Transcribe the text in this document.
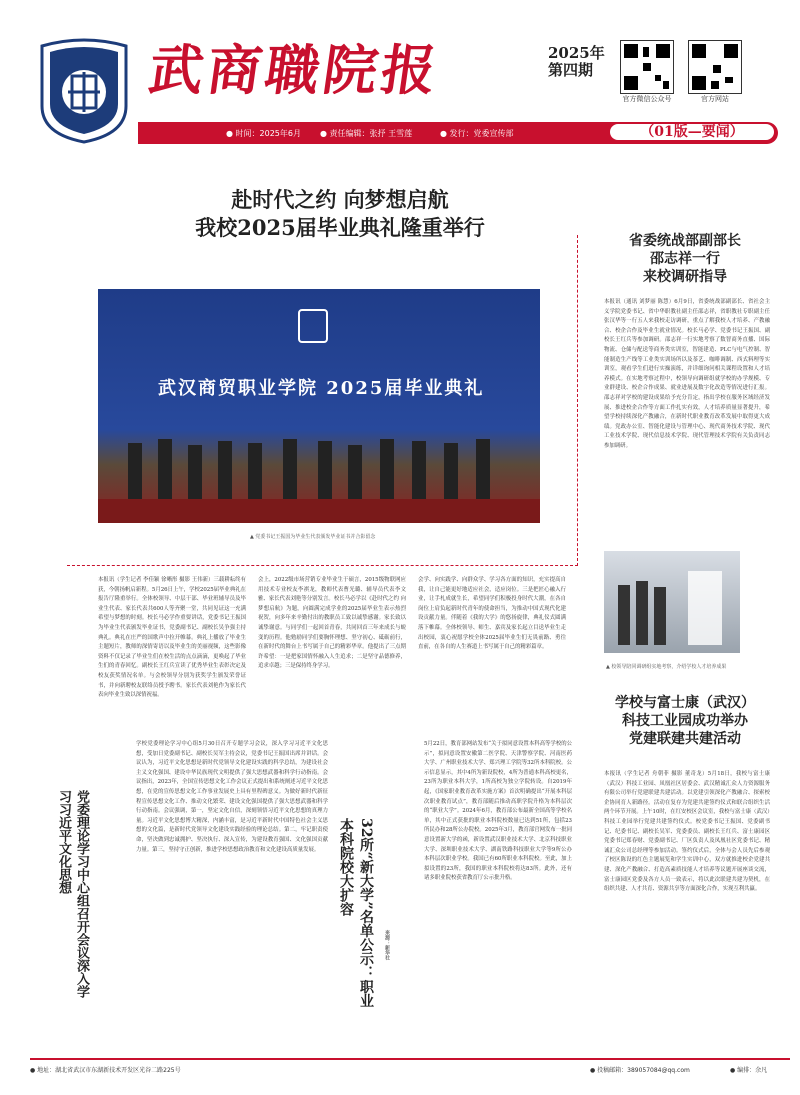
武商職院报	2025年
第四期
官方微信公众号	官方网站
● 时间：2025年6月 ● 责任编辑：张抒 王雪莲	● 发行：党委宣传部	（01版—要闻）
赴时代之约 向梦想启航
我校2025届毕业典礼隆重举行
武汉商贸职业学院 2025届毕业典礼
▲ 党委书记王振国为毕业生代表颁发毕业证书并合影留念
本报讯（学生记者 李佳颖 徐晰彤 摄影 王伟新）三载耕耘终有获，今朝扬帆启新程。5月26日上午，学校2025届毕业典礼在报告厅隆重举行。全体校领导、中层干部、毕业班辅导员及毕业生代表、家长代表共600人等齐聚一堂，共同见证这一充满希望与梦想的时刻。校长马必学作重要讲话，党委书记王振国为毕业生代表颁发毕业证书，党委副书记、副校长吴争强主持典礼。典礼在庄严的国歌声中拉开帷幕。典礼上播放了毕业生主题短片，教师的深情寄语以及毕业生的美丽视频，这些影像资料不仅记录了毕业生们在校生活的点点滴滴，更唤起了毕业生们的青春回忆。副校长王红兵宣读了优秀毕业生表彰决定及校友获奖情况名单。与会校领导分别为获奖学生颁发荣誉证书，并向新聘校友联络员授予聘书。家长代表刘艳作为家长代表向毕业生致以深情祝福。
会上，2022级市场营销专业毕业生于硕言，2015级物联网应用技术专业校友李祺龙，教师代表曹光璐、辅导员代表李文雅、家长代表刘艳等分别发言。校长马必学以《赴时代之约 向梦想启航》为题，向圆满完成学业的2025届毕业生表示热烈祝贺，向多年来辛勤付出的教职员工致以诚挚感谢。家长致以诚挚谢意。与同学们一起回首青春，共同回首三年来成长与蜕变的历程。他勉励同学们要胸怀理想、坚守初心、砥砺前行，在新时代的舞台上书写属于自己的精彩华章。他提出了三点期许希望：一是把家国情怀融入人生追求；二是坚守品德修养，追求卓越；三是保持终身学习。
会学、向实践学、向群众学、学习各方面的知识，充实提高自我，让自己能更好地适应社会，适应岗位。三是把匠心融入行业，让手札成就生长，希望同学们积极投身时代大潮，在各自岗位上肩负起新时代青年的使命担当，为推动中国式现代化建设贡献力量。伴随着《我的大学》的悠扬旋律，典礼仪式圆满落下帷幕。全体校领导、师生、嘉宾及家长起立目送毕业生走出校园，衷心祝愿学校全体2025届毕业生们无畏前路、勇往直前，在各自的人生赛道上书写属于自己的精彩篇章。
省委统战部副部长
邵志祥一行
来校调研指导
本报讯（通讯 刘梦丽 陈慧）6月9日，省委统战部副部长、省社会主义学院党委书记、省中华职教社副主任邵志祥，省职教社专职副主任张汉华等一行五人来我校走访调研，重点了解我校人才培养、产教融合、校企合作及毕业生就业情况。校长马必学、党委书记王振国、副校长王红兵等参加调研。邵志祥一行实地考察了数智商务直播、国际物流、仓储与配送等商务类实训室，智能建造、PLC与电气控制、智能制造生产线等工业类实训场所以及茶艺、咖啡调制、西式料理等实训室，观看学生们进行实操演练，并详细询问相关课程设置和人才培养模式。在实地考察过程中，校领导向调研组就学校的办学规模、专业群建设、校企合作成果、就业进展及数字化改造等情况进行汇报。邵志祥对学校的建设成果给予充分肯定，指出学校在服务区域经济发展、推进校企合作等方面工作扎实有效，人才培养质量显著提升，希望学校持续深化产教融合，在新时代职业教育改革发展中取得更大成绩。党政办公室、智能化建设与管理中心、现代商务技术学院、现代工业技术学院、现代信息技术学院、现代管理技术学院有关负责同志参加调研。
▲ 校领导陪同调研组实地考察，介绍学校人才培养成果
学校与富士康（武汉）
科技工业园成功举办
党建联建共建活动
本报讯（学生记者 舟朝菲 摄影 董奇龙）5月18日，我校与富士康（武汉）科技工业园、凤凰社区居委会、武汉精诚汇众人力资源服务有限公司举行党建联建共建活动。以党建引领深化产教融合、探索校企协同育人新路径。活动在复存为党建共建签约仪式和联合组织生活两个环节开展。上午10时，在红安校区会议室，我校与富士康（武汉）科技工业园举行党建共建签约仪式。校党委书记王振国、党委副书记、纪委书记、副校长吴军、党委委员、副校长王红兵、富士康园区党委书记郑春财、党委副书记、厂区负责人及凤凰社区党委书记、精诚汇众公司总经理等参加活动。签约仪式后，全体与会人员先后参观了校区陈设的红色主题展览和学生实训中心，双方就推进校企党建共建、深化产教融合、打造高素质技能人才培养等议题开展座谈交流，富士康园区党委及各方人员一致表示，将以此次联建共建为契机，在组织共建、人才共育、资源共享等方面深化合作，实现互利共赢。
党委理论学习中心组召开会议深入学习习近平文化思想
学校党委理论学习中心组5月30日召开专题学习会议，深入学习习近平文化思想，受加日党委副书记、副校长吴军主持会议，党委书记王振国出席并讲话。会议认为，习近平文化思想是新时代党领导文化建设实践的科学总结，为建设社会主义文化强国、建设中华民族现代文明提供了强大思想武器和科学行动指南。会议指出，2023年，全国宣传思想文化工作会议正式提出和系统阐述习近平文化思想，在党的宣传思想文化工作事业发展史上具有里程碑意义。为做好新时代新征程宣传思想文化工作、推动文化繁荣、建设文化强国提供了强大思想武器和科学行动指南。会议强调，第一，坚定文化自信，深刻领悟习近平文化思想的真理力量。习近平文化思想博大精深，内涵丰富，是习近平新时代中国特色社会主义思想的文化篇，是新时代党领导文化建设实践经验的理论总结。第二，牢记职责使命，坚决做到忠诚拥护、坚决执行、深入宣传，为建设教育强国、文化强国贡献力量。第三，坚持守正创新，推进学校思想政治教育和文化建设高质量发展。	32所“新大学”名单公示：职业本科院校大扩容
来源：新华社
5月22日，教育部网站发布“关于拟同意设置本科高等学校的公示”，拟同意设置安徽第二医学院、天津警察学院、河南医药大学、广州职业技术大学、郑兴理工学院等32所本科院校。公示信息显示，其中4所为新设院校，4所为普通本科高校更名，23所为职业本科大学，1所高校为独立学院转设。自2019年起，《国家职业教育改革实施方案》首次明确提出“开展本科层次职业教育试点”，教育部随后推动高职学院升格为本科层次的“职业大学”。2024年6月，教育部公布最新全国高等学校名单，其中正式获批的职业本科院校数量已达到51所，包括23所民办和28所公办院校。2025年3月，教育部官网发布一批同意设置新大学的函，新设置武汉职业技术大学、北京科技职业大学、深圳职业技术大学、湖南铁路科技职业大学等9所公办本科层次职业学校。我国已有60所职业本科院校。至此，加上拟设置的23所，我国的职业本科院校将达83所。此外，还有诸多职业院校获省教育厅公示批升格。
● 地址：湖北省武汉市东湖新技术开发区光谷二路225号	● 投稿邮箱：389057084@qq.com	● 编排：余凡
